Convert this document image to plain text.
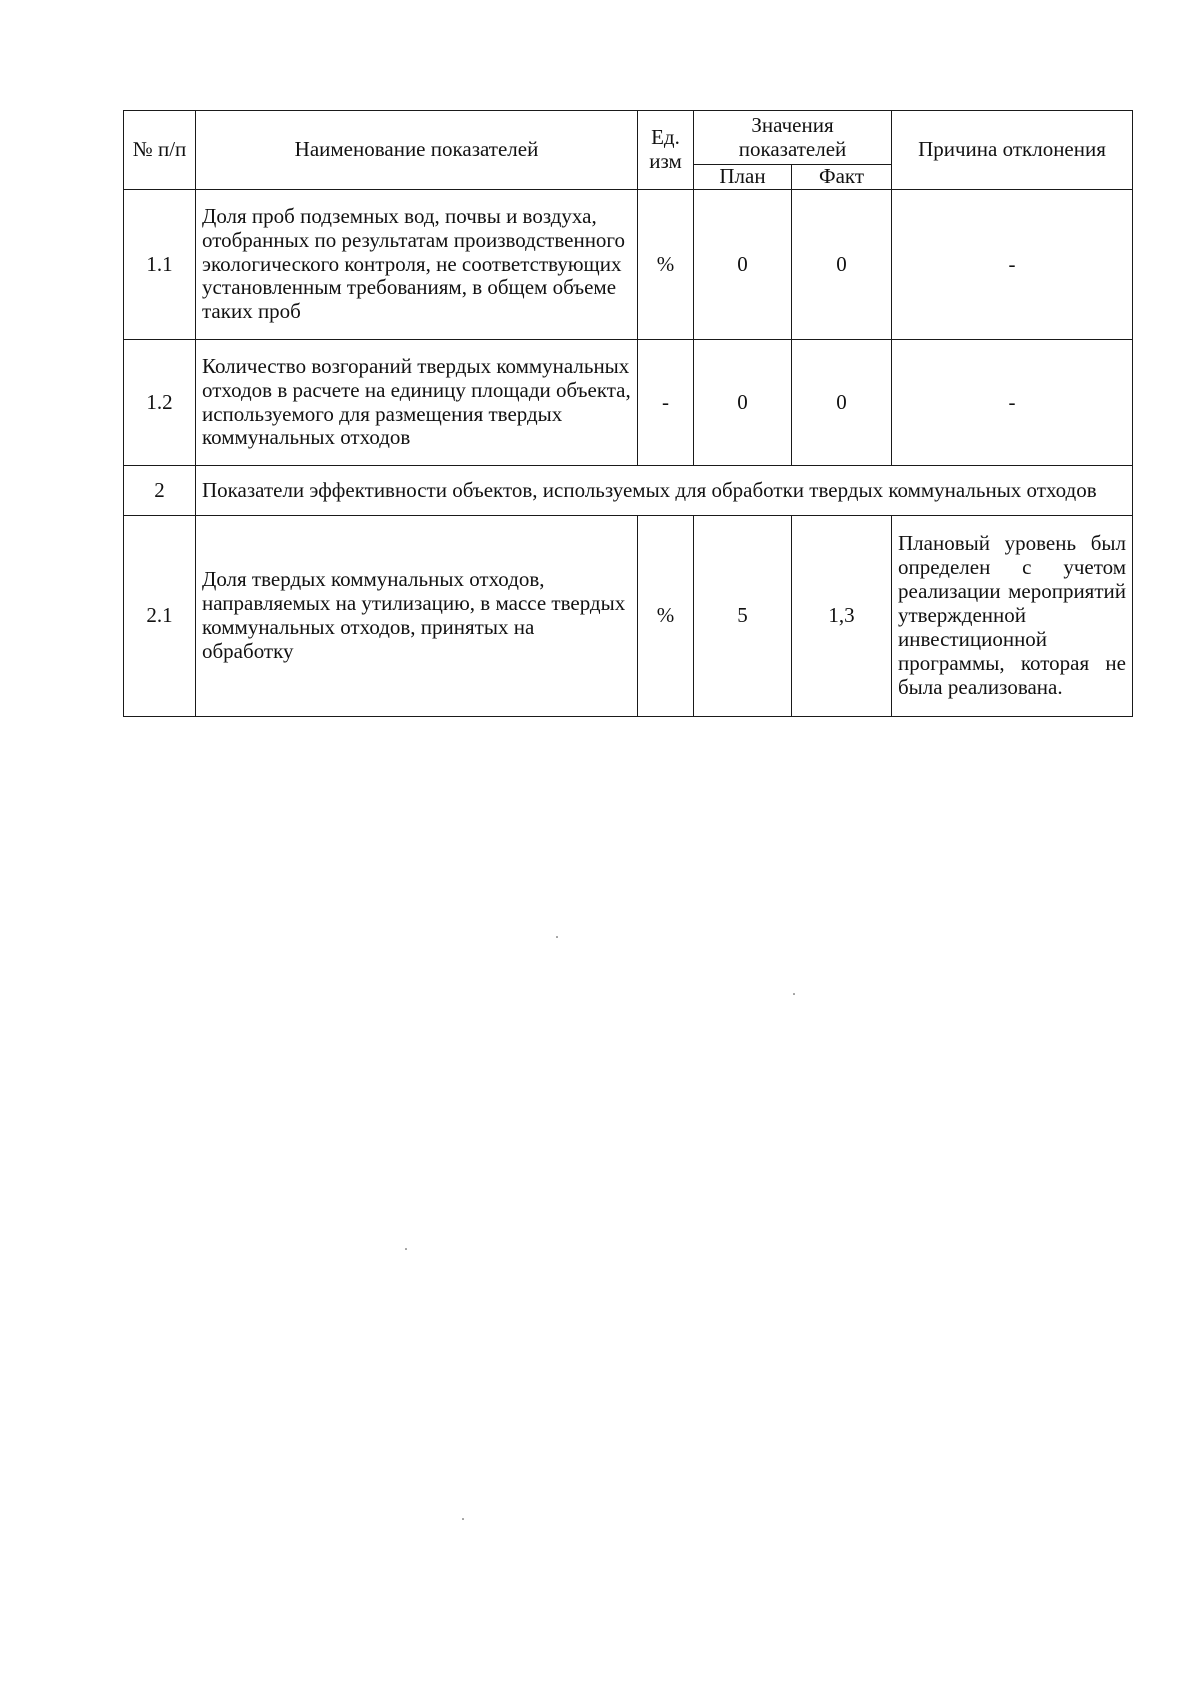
№ п/п	Наименование показателей	Ед. изм	Значения показателей		Причина отклонения
			План	Факт	
1.1	Доля проб подземных вод, почвы и воздуха, отобранных по результатам производственного экологического контроля, не соответствующих установленным требованиям, в общем объеме таких проб	%	0	0	-
1.2	Количество возгораний твердых коммунальных отходов в расчете на единицу площади объекта, используемого для размещения твердых коммунальных отходов	-	0	0	-
2	Показатели эффективности объектов, используемых для обработки твердых коммунальных отходов				
2.1	Доля твердых коммунальных отходов, направляемых на утилизацию, в массе твердых коммунальных отходов, принятых на обработку	%	5	1,3	Плановый уровень был определен с учетом реализации мероприятий утвержденной инвестиционной программы, которая не была реализована.
